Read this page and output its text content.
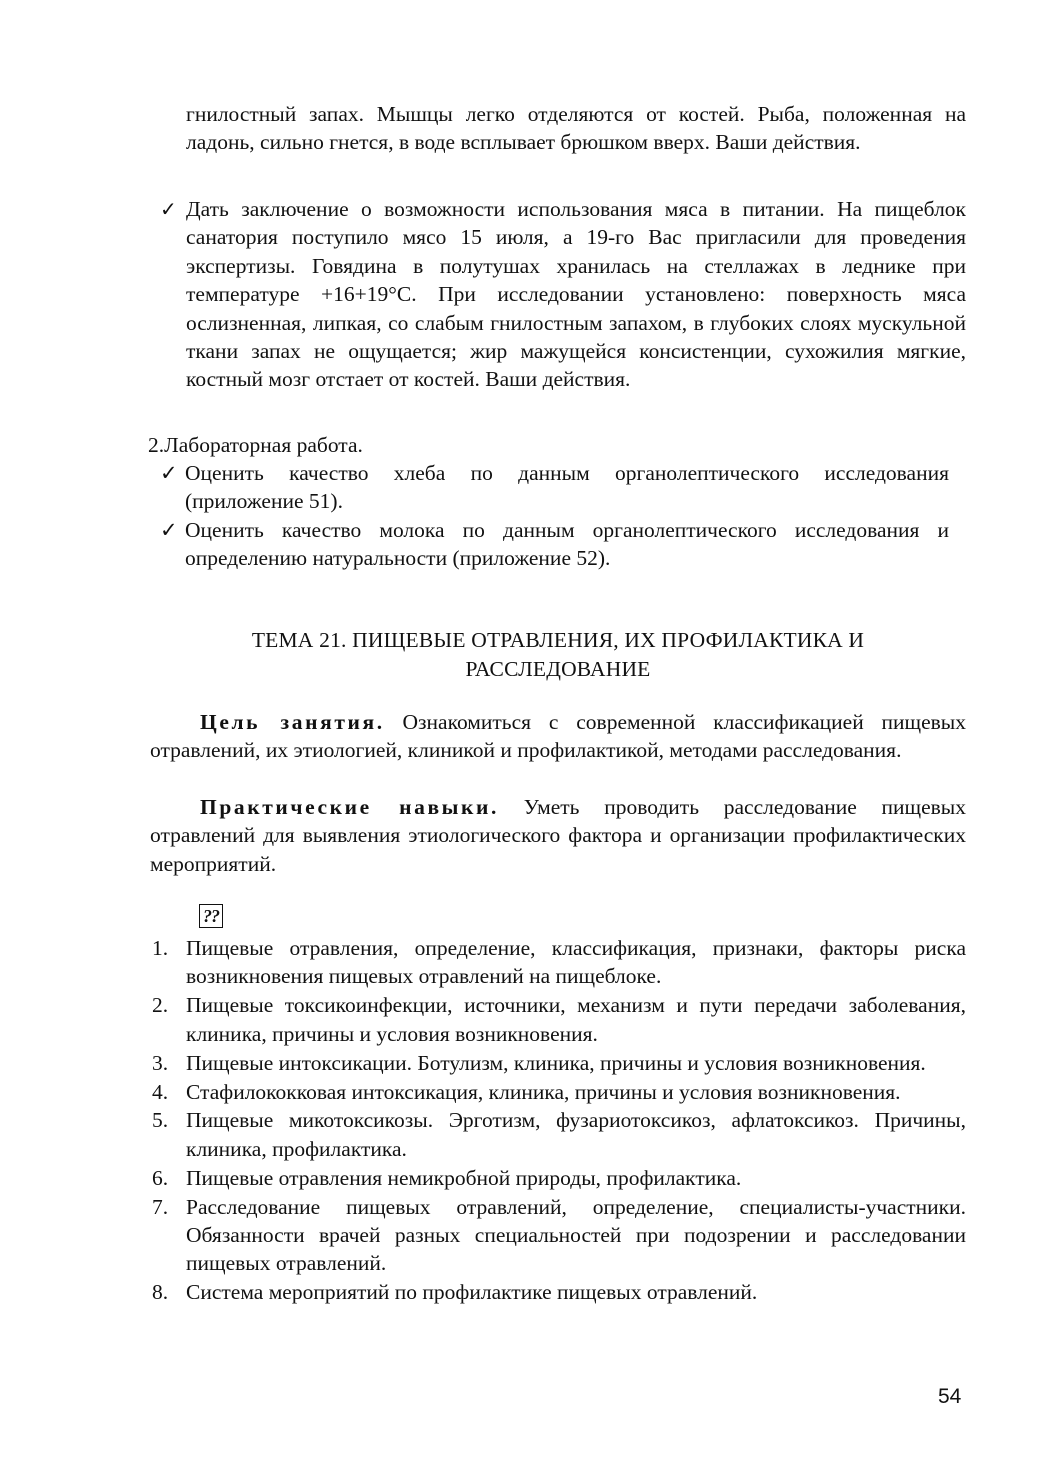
гнилостный запах. Мышцы легко отделяются от костей. Рыба, положенная на ладонь, сильно гнется, в воде всплывает брюшком вверх. Ваши действия.

✓ Дать заключение о возможности использования мяса в питании. На пищеблок санатория поступило мясо 15 июля, а 19-го Вас пригласили для проведения экспертизы. Говядина в полутушах хранилась на стеллажах в леднике при температуре +16+19°С. При исследовании установлено: поверхность мяса ослизненная, липкая, со слабым гнилостным запахом, в глубоких слоях мускульной ткани запах не ощущается; жир мажущейся консистенции, сухожилия мягкие, костный мозг отстает от костей. Ваши действия.

2.Лабораторная работа.
✓ Оценить качество хлеба по данным органолептического исследования (приложение 51).

✓ Оценить качество молока по данным органолептического исследования и определению натуральности (приложение 52).

ТЕМА 21. ПИЩЕВЫЕ ОТРАВЛЕНИЯ, ИХ ПРОФИЛАКТИКА И
РАССЛЕДОВАНИЕ

Цель занятия. Ознакомиться с современной классификацией пищевых отравлений, их этиологией, клиникой и профилактикой, методами расследования.

Практические навыки. Уметь проводить расследование пищевых отравлений для выявления этиологического фактора и организации профилактических мероприятий.

??
1. Пищевые отравления, определение, классификация, признаки, факторы риска возникновения пищевых отравлений на пищеблоке.
2. Пищевые токсикоинфекции, источники, механизм и пути передачи заболевания, клиника, причины и условия возникновения.
3. Пищевые интоксикации. Ботулизм, клиника, причины и условия возникновения.
4. Стафилококковая интоксикация, клиника, причины и условия возникновения.
5. Пищевые микотоксикозы. Эрготизм, фузариотоксикоз, афлатоксикоз. Причины, клиника, профилактика.
6. Пищевые отравления немикробной природы, профилактика.
7. Расследование пищевых отравлений, определение, специалисты-участники. Обязанности врачей разных специальностей при подозрении и расследовании пищевых отравлений.
8. Система мероприятий по профилактике пищевых отравлений.
54
